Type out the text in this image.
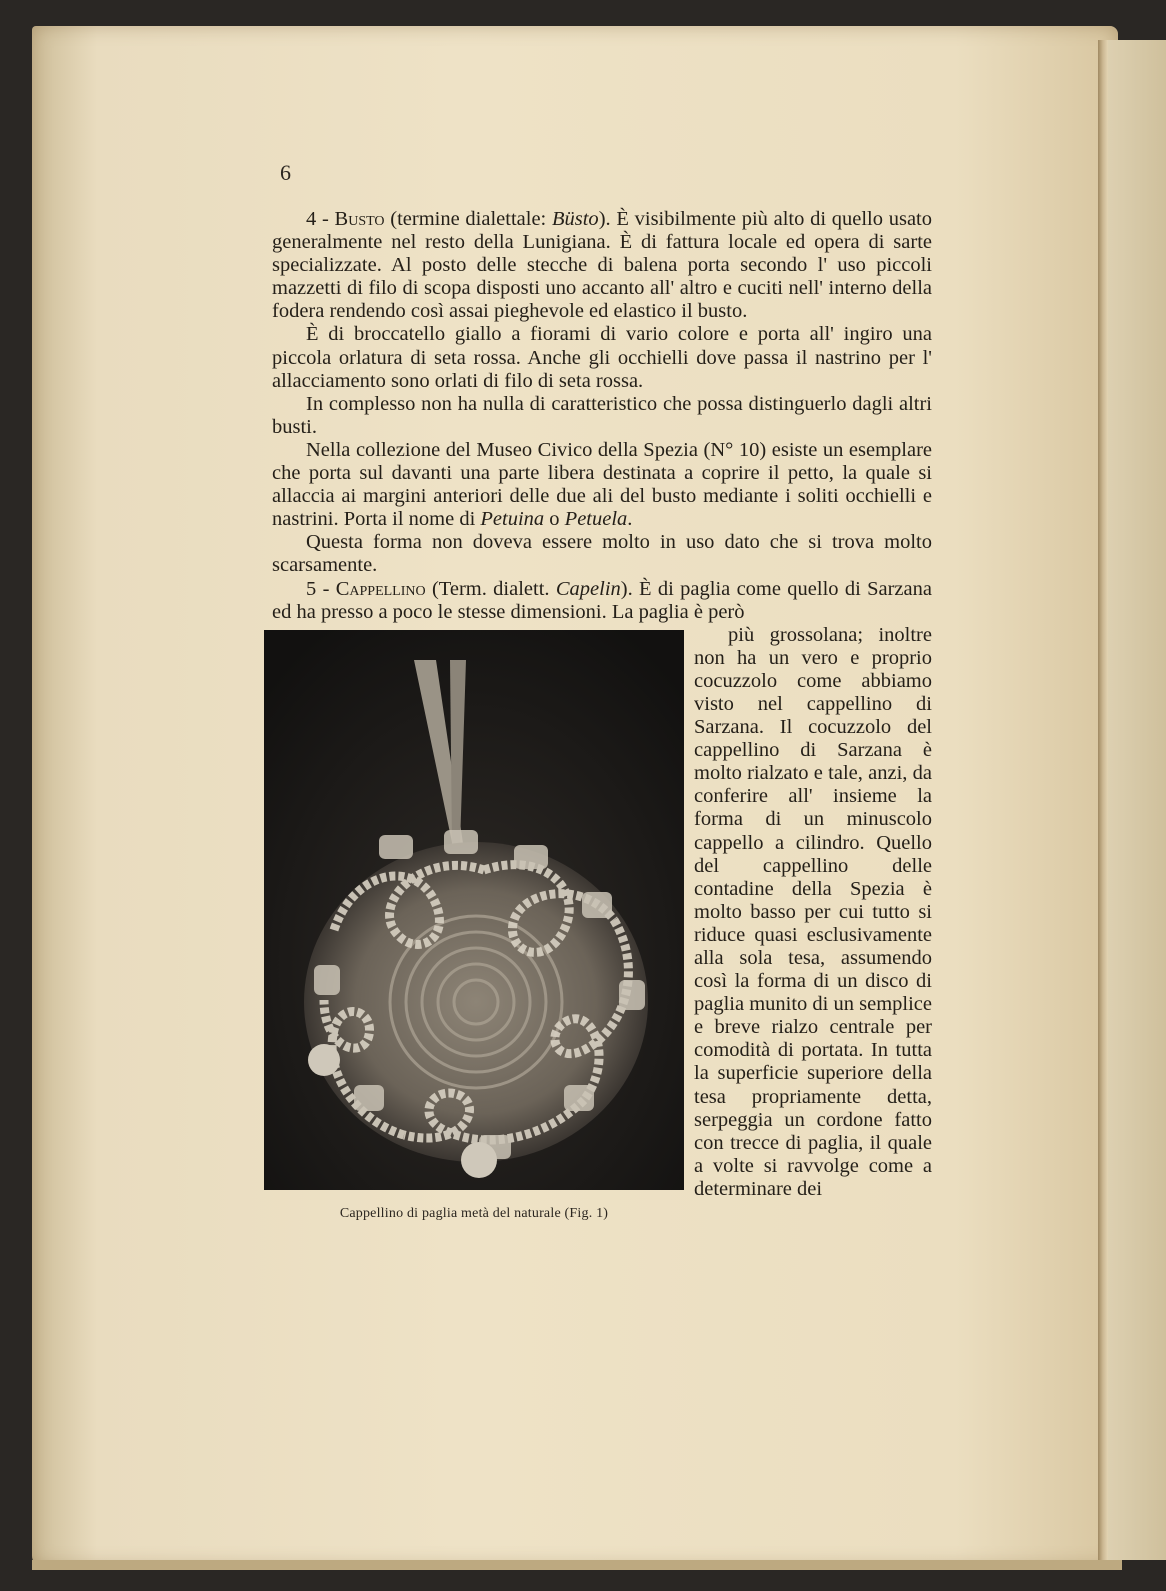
6

4 - Busto (termine dialettale: Büsto). È visibilmente più alto di quello usato generalmente nel resto della Lunigiana. È di fattura locale ed opera di sarte specializzate. Al posto delle stecche di balena porta secondo l' uso piccoli mazzetti di filo di scopa disposti uno accanto all' altro e cuciti nell' interno della fodera rendendo così assai pieghevole ed elastico il busto.

È di broccatello giallo a fiorami di vario colore e porta all' ingiro una piccola orlatura di seta rossa. Anche gli occhielli dove passa il nastrino per l' allacciamento sono orlati di filo di seta rossa.

In complesso non ha nulla di caratteristico che possa distinguerlo dagli altri busti.

Nella collezione del Museo Civico della Spezia (N° 10) esiste un esemplare che porta sul davanti una parte libera destinata a coprire il petto, la quale si allaccia ai margini anteriori delle due ali del busto mediante i soliti occhielli e nastrini. Porta il nome di Petuina o Petuela.

Questa forma non doveva essere molto in uso dato che si trova molto scarsamente.

5 - Cappellino (Term. dialett. Capelin). È di paglia come quello di Sarzana ed ha presso a poco le stesse dimensioni. La paglia è però

Cappellino di paglia metà del naturale (Fig. 1)

più grossolana; inoltre non ha un vero e proprio cocuzzolo come abbiamo visto nel cappellino di Sarzana. Il cocuzzolo del cappellino di Sarzana è molto rialzato e tale, anzi, da conferire all' insieme la forma di un minuscolo cappello a cilindro. Quello del cappellino delle contadine della Spezia è molto basso per cui tutto si riduce quasi esclusivamente alla sola tesa, assumendo così la forma di un disco di paglia munito di un semplice e breve rialzo centrale per comodità di portata. In tutta la superficie superiore della tesa propriamente detta, serpeggia un cordone fatto con trecce di paglia, il quale a volte si ravvolge come a determinare dei
